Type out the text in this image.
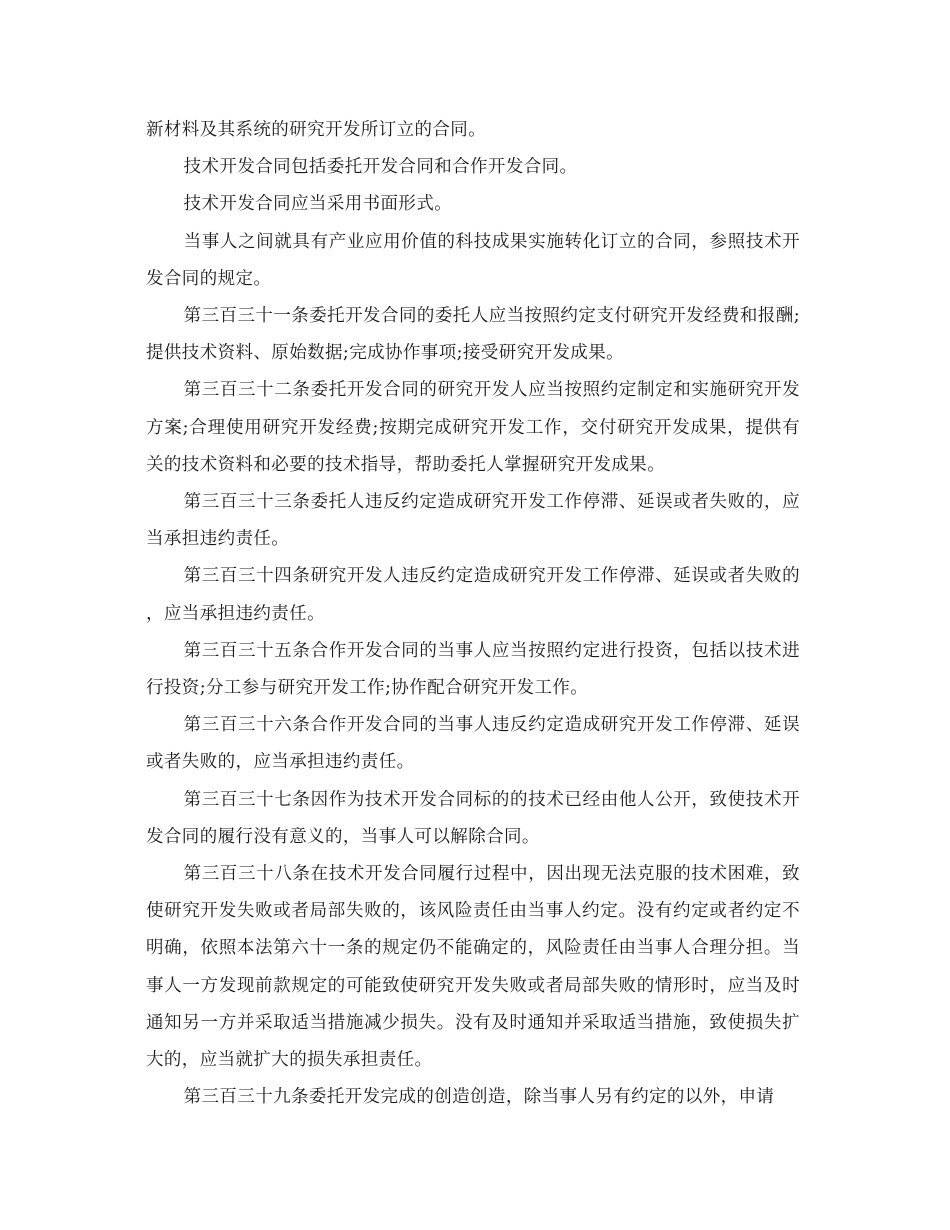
新材料及其系统的研究开发所订立的合同。

技术开发合同包括委托开发合同和合作开发合同。

技术开发合同应当采用书面形式。

当事人之间就具有产业应用价值的科技成果实施转化订立的合同，参照技术开发合同的规定。

第三百三十一条委托开发合同的委托人应当按照约定支付研究开发经费和报酬;提供技术资料、原始数据;完成协作事项;接受研究开发成果。

第三百三十二条委托开发合同的研究开发人应当按照约定制定和实施研究开发方案;合理使用研究开发经费;按期完成研究开发工作，交付研究开发成果，提供有关的技术资料和必要的技术指导，帮助委托人掌握研究开发成果。

第三百三十三条委托人违反约定造成研究开发工作停滞、延误或者失败的，应当承担违约责任。

第三百三十四条研究开发人违反约定造成研究开发工作停滞、延误或者失败的，应当承担违约责任。

第三百三十五条合作开发合同的当事人应当按照约定进行投资，包括以技术进行投资;分工参与研究开发工作;协作配合研究开发工作。

第三百三十六条合作开发合同的当事人违反约定造成研究开发工作停滞、延误或者失败的，应当承担违约责任。

第三百三十七条因作为技术开发合同标的的技术已经由他人公开，致使技术开发合同的履行没有意义的，当事人可以解除合同。

第三百三十八条在技术开发合同履行过程中，因出现无法克服的技术困难，致使研究开发失败或者局部失败的，该风险责任由当事人约定。没有约定或者约定不明确，依照本法第六十一条的规定仍不能确定的，风险责任由当事人合理分担。当事人一方发现前款规定的可能致使研究开发失败或者局部失败的情形时，应当及时通知另一方并采取适当措施减少损失。没有及时通知并采取适当措施，致使损失扩大的，应当就扩大的损失承担责任。

第三百三十九条委托开发完成的创造创造，除当事人另有约定的以外，申请
